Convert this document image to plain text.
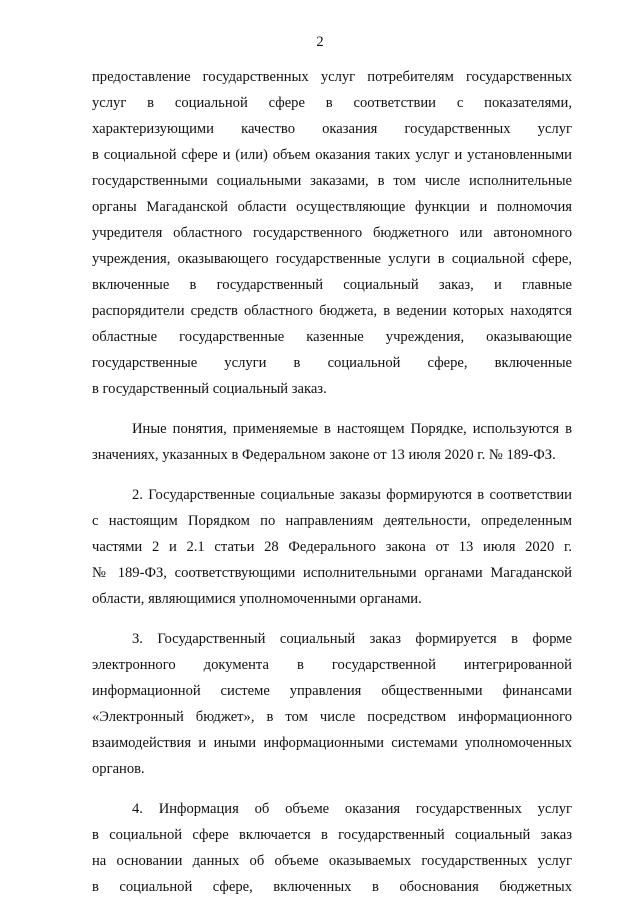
2
предоставление государственных услуг потребителям государственных
услуг в социальной сфере в соответствии с показателями,
характеризующими качество оказания государственных услуг
в социальной сфере и (или) объем оказания таких услуг и установленными
государственными социальными заказами, в том числе исполнительные
органы Магаданской области осуществляющие функции и полномочия
учредителя областного государственного бюджетного или автономного
учреждения, оказывающего государственные услуги в социальной сфере,
включенные в государственный социальный заказ, и главные
распорядители средств областного бюджета, в ведении которых находятся
областные государственные казенные учреждения, оказывающие
государственные услуги в социальной сфере, включенные
в государственный социальный заказ.
Иные понятия, применяемые в настоящем Порядке, используются в
значениях, указанных в Федеральном законе от 13 июля 2020 г. № 189-ФЗ.
2. Государственные социальные заказы формируются в соответствии
с настоящим Порядком по направлениям деятельности, определенным
частями 2 и 2.1 статьи 28 Федерального закона от 13 июля 2020 г.
№ 189-ФЗ, соответствующими исполнительными органами Магаданской
области, являющимися уполномоченными органами.
3. Государственный социальный заказ формируется в форме
электронного документа в государственной интегрированной
информационной системе управления общественными финансами
«Электронный бюджет», в том числе посредством информационного
взаимодействия и иными информационными системами уполномоченных
органов.
4. Информация об объеме оказания государственных услуг
в социальной сфере включается в государственный социальный заказ
на основании данных об объеме оказываемых государственных услуг
в социальной сфере, включенных в обоснования бюджетных
